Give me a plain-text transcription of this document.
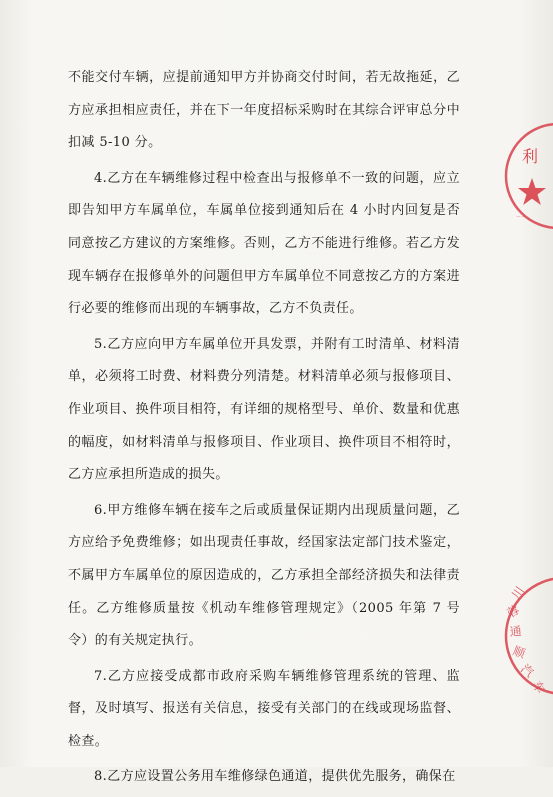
不能交付车辆，应提前通知甲方并协商交付时间，若无故拖延，乙方应承担相应责任，并在下一年度招标采购时在其综合评审总分中扣减 5-10 分。

4.乙方在车辆维修过程中检查出与报修单不一致的问题，应立即告知甲方车属单位，车属单位接到通知后在 4 小时内回复是否同意按乙方建议的方案维修。否则，乙方不能进行维修。若乙方发现车辆存在报修单外的问题但甲方车属单位不同意按乙方的方案进行必要的维修而出现的车辆事故，乙方不负责任。

5.乙方应向甲方车属单位开具发票，并附有工时清单、材料清单，必须将工时费、材料费分列清楚。材料清单必须与报修项目、作业项目、换件项目相符，有详细的规格型号、单价、数量和优惠的幅度，如材料清单与报修项目、作业项目、换件项目不相符时，乙方应承担所造成的损失。

6.甲方维修车辆在接车之后或质量保证期内出现质量问题，乙方应给予免费维修；如出现责任事故，经国家法定部门技术鉴定，不属甲方车属单位的原因造成的，乙方承担全部经济损失和法律责任。乙方维修质量按《机动车维修管理规定》（2005 年第 7 号令）的有关规定执行。

7.乙方应接受成都市政府采购车辆维修管理系统的管理、监督，及时填写、报送有关信息，接受有关部门的在线或现场监督、检查。

8.乙方应设置公务用车维修绿色通道，提供优先服务，确保在

利
ーー
川
蓉
通
顺
汽
车
